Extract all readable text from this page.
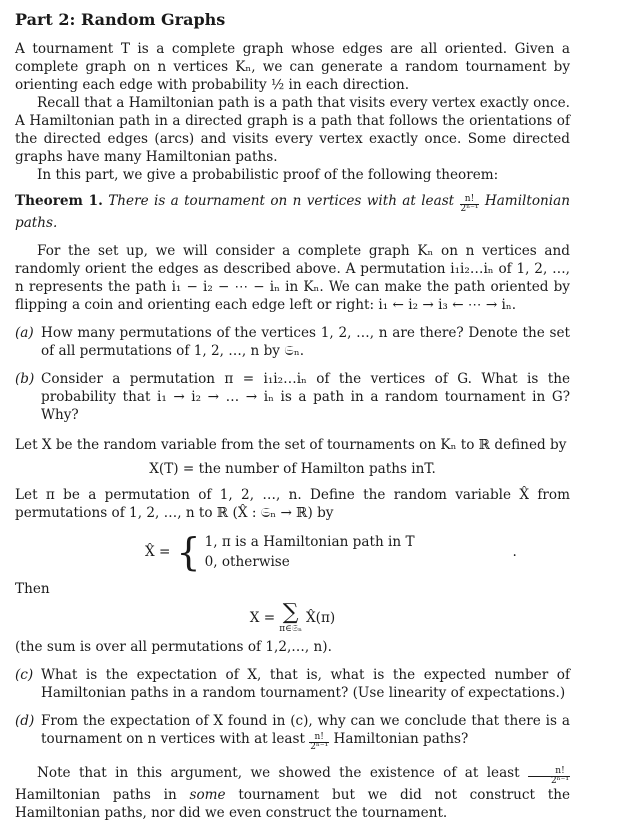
Part 2: Random Graphs

A tournament T is a complete graph whose edges are all oriented. Given a complete graph on n vertices Kₙ, we can generate a random tournament by orienting each edge with probability ½ in each direction.

Recall that a Hamiltonian path is a path that visits every vertex exactly once. A Hamiltonian path in a directed graph is a path that follows the orientations of the directed edges (arcs) and visits every vertex exactly once. Some directed graphs have many Hamiltonian paths.

In this part, we give a probabilistic proof of the following theorem:

Theorem 1. There is a tournament on n vertices with at least $\frac{n!}{\text{2ⁿ⁻¹}}$ Hamiltonian paths.

For the set up, we will consider a complete graph Kₙ on n vertices and randomly orient the edges as described above. A permutation i₁i₂…iₙ of 1, 2, …, n represents the path i₁ − i₂ − ⋯ − iₙ in Kₙ. We can make the path oriented by flipping a coin and orienting each edge left or right: i₁ ← i₂ → i₃ ← ⋯ → iₙ.

(a) How many permutations of the vertices 1, 2, …, n are there? Denote the set of all permutations of 1, 2, …, n by 𝔖ₙ.
(b) Consider a permutation π = i₁i₂…iₙ of the vertices of G. What is the probability that i₁ → i₂ → … → iₙ is a path in a random tournament in G? Why?

Let X be the random variable from the set of tournaments on Kₙ to ℝ defined by

X(T) = the number of Hamilton paths inT.

Let π be a permutation of 1, 2, …, n. Define the random variable X̂ from permutations of 1, 2, …, n to ℝ (X̂ : 𝔖ₙ → ℝ) by

X̂ = { 1, π is a Hamiltonian path in T
0, otherwise
.

Then

X = ∑
π∈𝔖ₙ
X̂(π)

(the sum is over all permutations of 1,2,…, n).

(c) What is the expectation of X, that is, what is the expected number of Hamiltonian paths in a random tournament? (Use linearity of expectations.)
(d) From the expectation of X found in (c), why can we conclude that there is a tournament on n vertices with at least $\frac{n!}{\text{2ⁿ⁻¹}}$ Hamiltonian paths?

Note that in this argument, we showed the existence of at least $\frac{n!}{\text{2ⁿ⁻¹}}$
Hamiltonian paths in some tournament but we did not construct the Hamiltonian paths, nor did we even construct the tournament.
